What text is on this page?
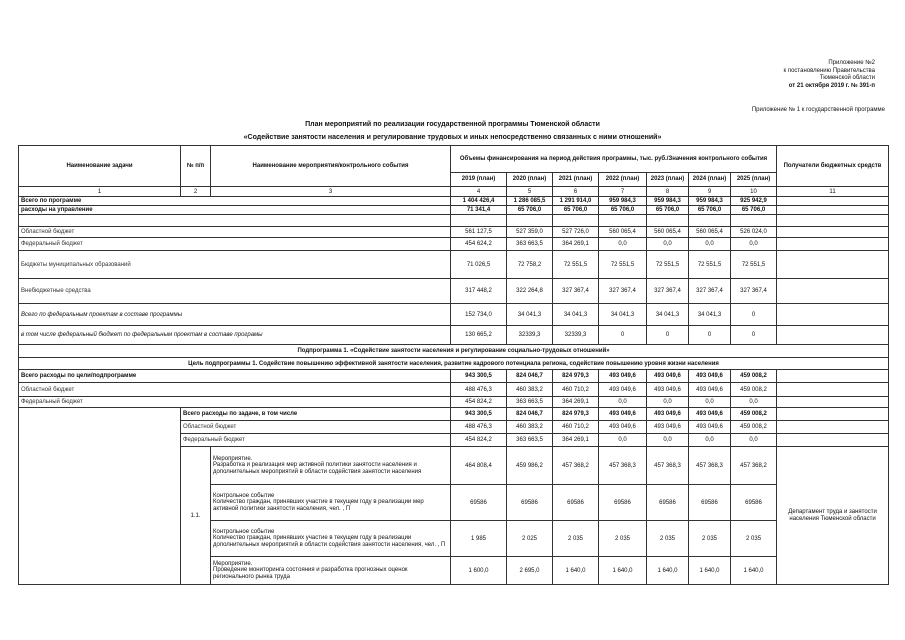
Приложение №2
к постановлению Правительства
Тюменской области
от 21 октября 2019 г. № 391-п
Приложение № 1 к государственной программе
План мероприятий по реализации государственной программы Тюменской области
«Содействие занятости населения и регулирование трудовых и иных непосредственно связанных с ними отношений»
Наименование задачи	№ п/п	Наименование мероприятия/контрольного события	Объемы финансирования на период действия программы, тыс. руб./Значения контрольного события							Получатели бюджетных средств
			2019 (план)	2020 (план)	2021 (план)	2022 (план)	2023 (план)	2024 (план)	2025 (план)	
1	2	3	4	5	6	7	8	9	10	11
Всего по программе			1 404 426,4	1 286 085,5	1 291 914,0	959 984,3	959 984,3	959 984,3	925 942,9	
расходы на управление			71 341,4	65 706,0	65 706,0	65 706,0	65 706,0	65 706,0	65 706,0	

Областной бюджет			561 127,5	527 359,0	527 726,0	560 065,4	560 065,4	560 065,4	526 024,0	
Федеральный бюджет			454 624,2	363 663,5	364 269,1	0,0	0,0	0,0	0,0	
Бюджеты муниципальных образований			71 026,5	72 758,2	72 551,5	72 551,5	72 551,5	72 551,5	72 551,5	
Внебюджетные средства			317 448,2	322 264,8	327 367,4	327 367,4	327 367,4	327 367,4	327 367,4	
Всего по федеральным проектам в составе программы			152 734,0	34 041,3	34 041,3	34 041,3	34 041,3	34 041,3	0	
в том числе федеральный бюджет по федеральным проектам в составе програмы			130 665,2	32339,3	32339,3	0	0	0	0	
Подпрограмма 1. «Содействие занятости населения и регулирование социально-трудовых отношений»										
Цель подпрограммы 1. Содействие повышению эффективной занятости населения, развитие кадрового потенциала региона, содействие повышению уровня жизни населения										
Всего расходы по цели/подпрограмме			943 300,5	824 046,7	824 979,3	493 049,6	493 049,6	493 049,6	459 008,2	
Областной бюджет			488 476,3	460 383,2	460 710,2	493 049,6	493 049,6	493 049,6	459 008,2	
Федеральный бюджет			454 824,2	363 663,5	364 269,1	0,0	0,0	0,0	0,0	
	Всего расходы по задаче, в том числе		943 300,5	824 046,7	824 979,3	493 049,6	493 049,6	493 049,6	459 008,2	
	Областной бюджет		488 476,3	460 383,2	460 710,2	493 049,6	493 049,6	493 049,6	459 008,2	
	Федеральный бюджет		454 824,2	363 663,5	364 269,1	0,0	0,0	0,0	0,0	
	1.1.	Мероприятие.
Разработка и реализация мер активной политики занятости населения и дополнительных мероприятий в области содействия занятости населения	464 808,4	459 986,2	457 368,2	457 368,3	457 368,3	457 368,3	457 368,2	Департамент труда и занятости населения Тюменской области
		Контрольное событие
Количество граждан, принявших участие в текущем году в реализации мер активной политики занятости населения, чел. , П	69586	69586	69586	69586	69586	69586	69586	
		Контрольное событие
Количество граждан, принявших участие в текущем году в реализации дополнительных мероприятий в области содействия занятости населения, чел. , П	1 985	2 025	2 035	2 035	2 035	2 035	2 035	
		Мероприятие.
Проведение мониторинга состояния и разработка прогнозных оценок регионального рынка труда	1 600,0	2 695,0	1 640,0	1 640,0	1 640,0	1 640,0	1 640,0	
